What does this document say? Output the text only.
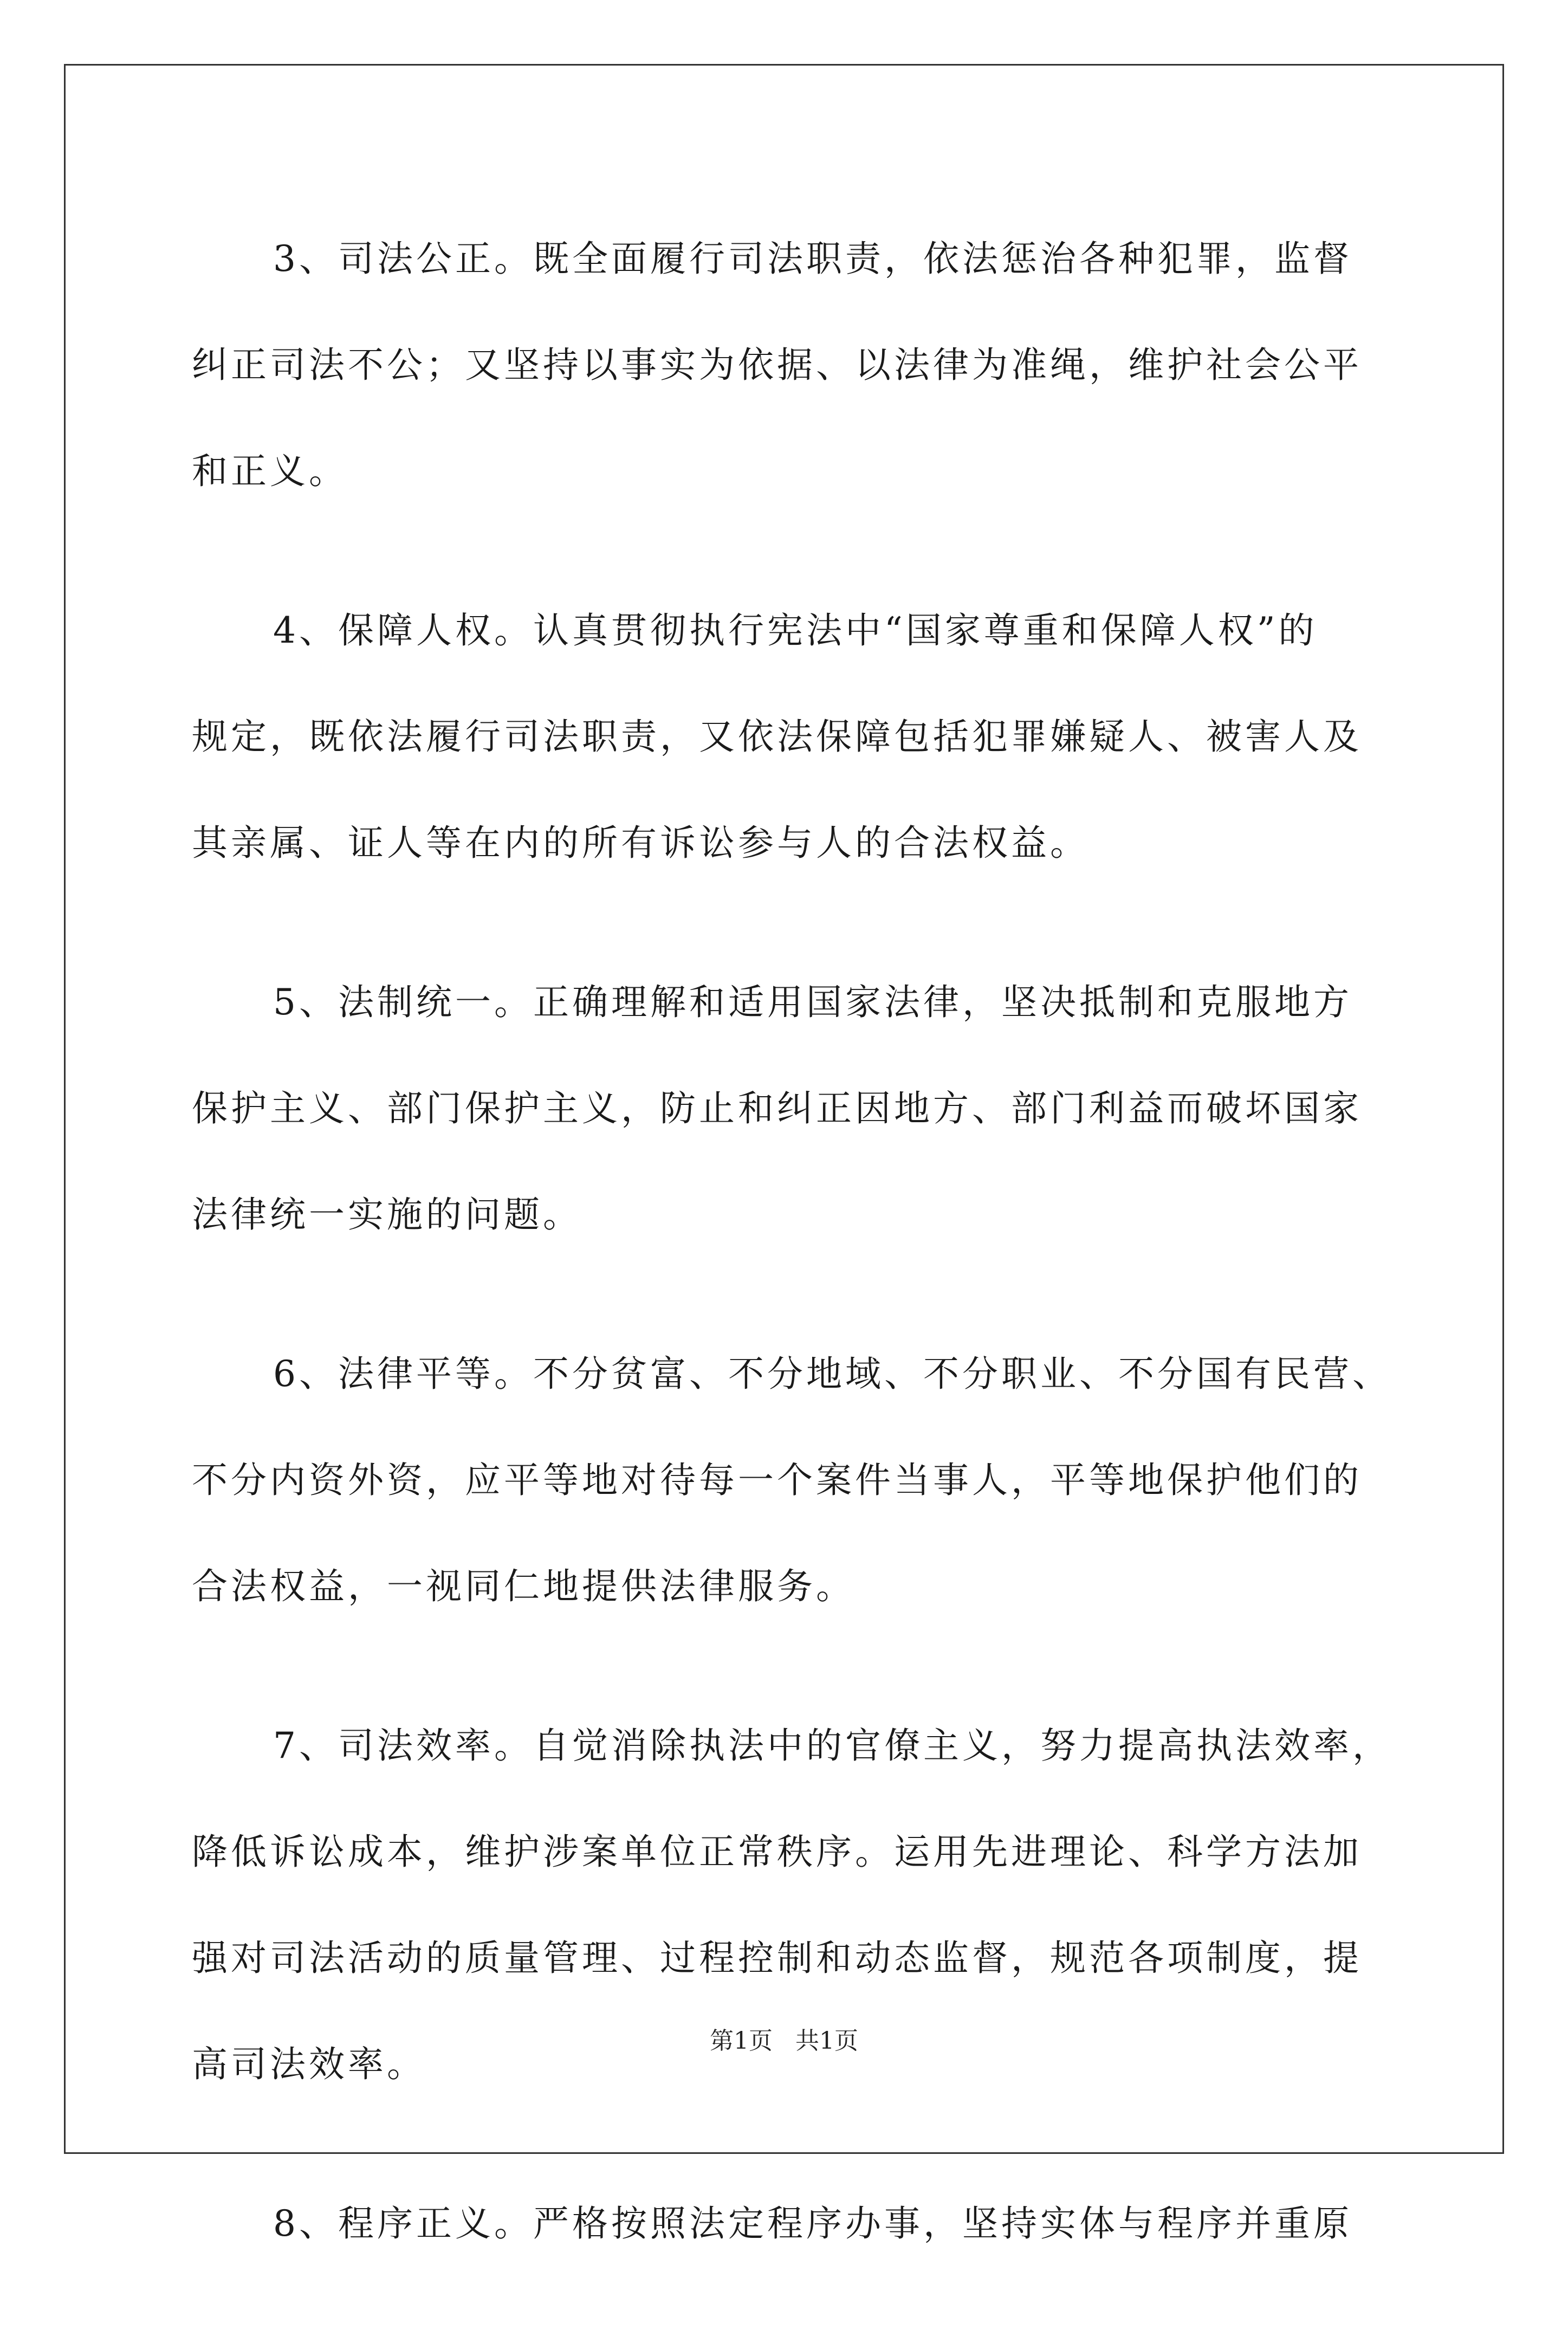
3、司法公正。既全面履行司法职责，依法惩治各种犯罪，监督
纠正司法不公；又坚持以事实为依据、以法律为准绳，维护社会公平
和正义。
4、保障人权。认真贯彻执行宪法中“国家尊重和保障人权”的
规定，既依法履行司法职责，又依法保障包括犯罪嫌疑人、被害人及
其亲属、证人等在内的所有诉讼参与人的合法权益。
5、法制统一。正确理解和适用国家法律，坚决抵制和克服地方
保护主义、部门保护主义，防止和纠正因地方、部门利益而破坏国家
法律统一实施的问题。
6、法律平等。不分贫富、不分地域、不分职业、不分国有民营、
不分内资外资，应平等地对待每一个案件当事人，平等地保护他们的
合法权益，一视同仁地提供法律服务。
7、司法效率。自觉消除执法中的官僚主义，努力提高执法效率，
降低诉讼成本，维护涉案单位正常秩序。运用先进理论、科学方法加
强对司法活动的质量管理、过程控制和动态监督，规范各项制度，提
高司法效率。
8、程序正义。严格按照法定程序办事，坚持实体与程序并重原
第1页 共1页
